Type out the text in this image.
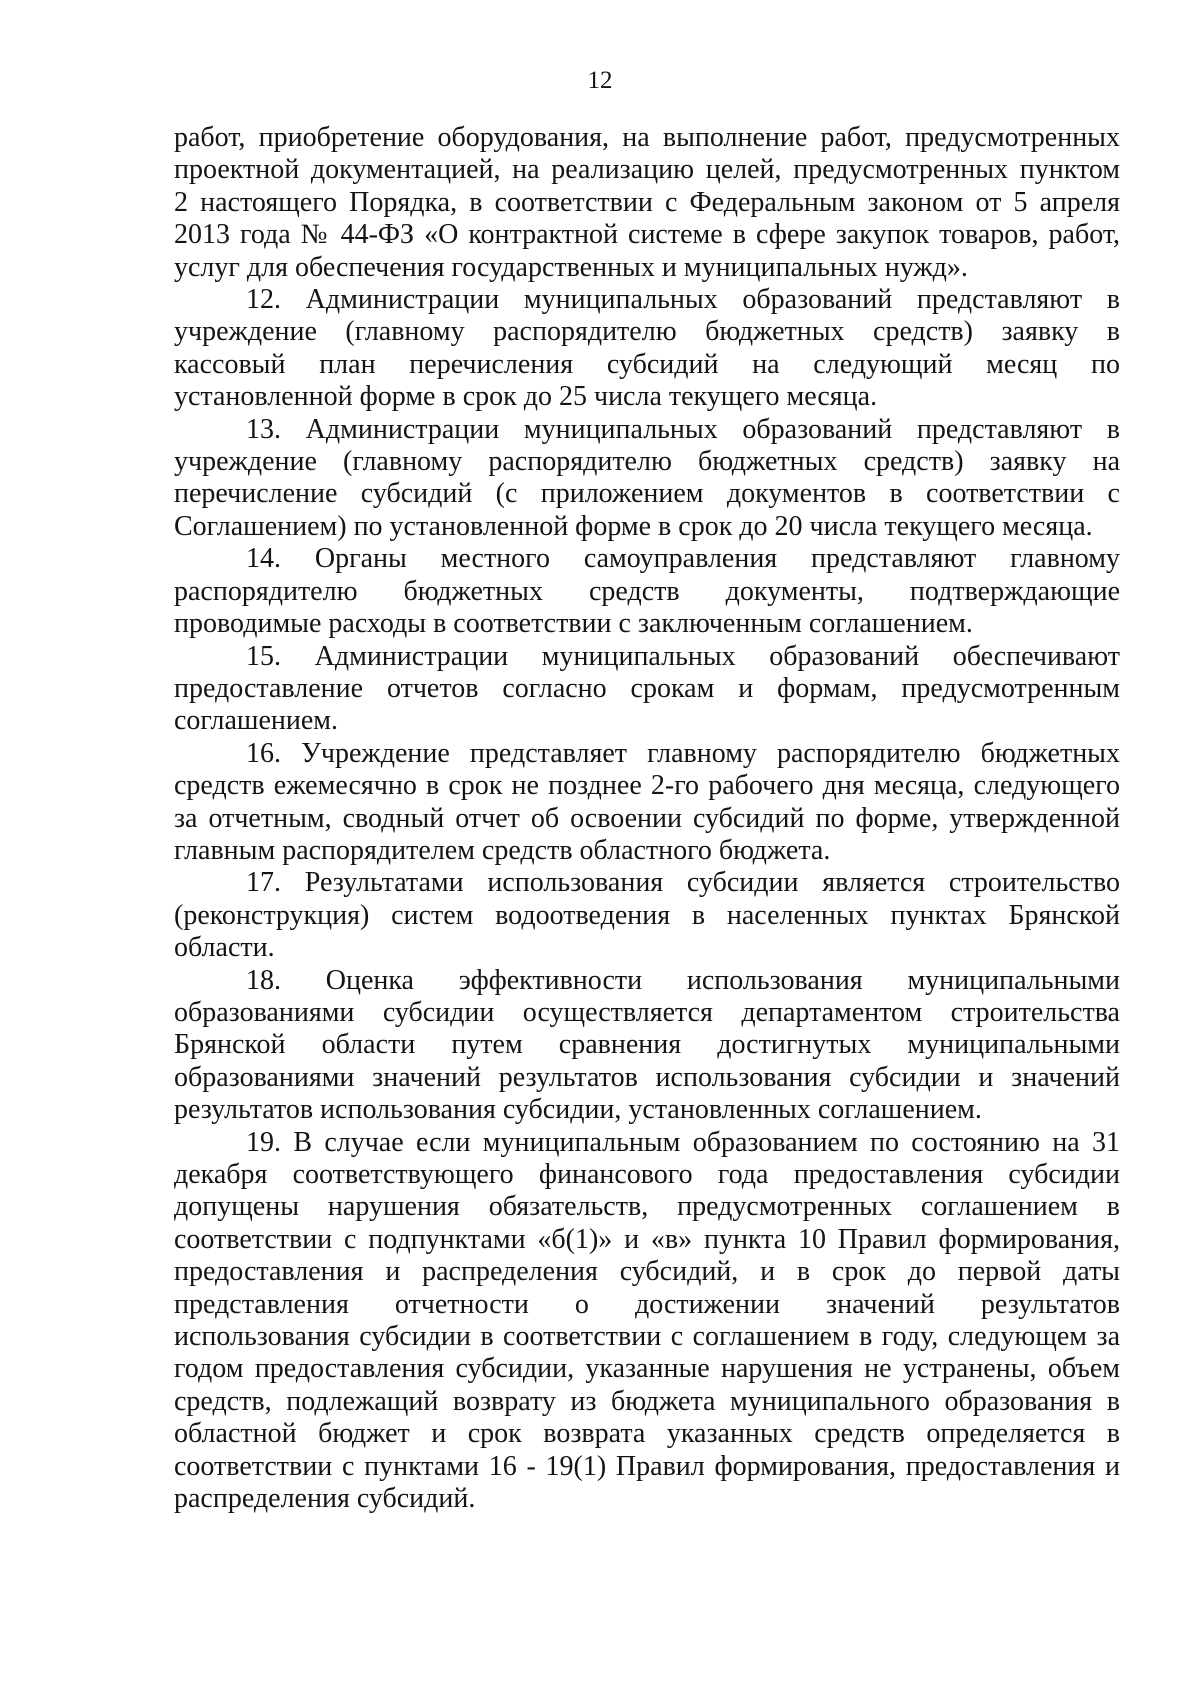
12
работ, приобретение оборудования, на выполнение работ, предусмотренных
проектной документацией, на реализацию целей, предусмотренных пунктом
2 настоящего Порядка, в соответствии с Федеральным законом от 5 апреля
2013 года № 44-ФЗ «О контрактной системе в сфере закупок товаров, работ,
услуг для обеспечения государственных и муниципальных нужд».
12. Администрации муниципальных образований представляют в
учреждение (главному распорядителю бюджетных средств) заявку в
кассовый план перечисления субсидий на следующий месяц по
установленной форме в срок до 25 числа текущего месяца.
13. Администрации муниципальных образований представляют в
учреждение (главному распорядителю бюджетных средств) заявку на
перечисление субсидий (с приложением документов в соответствии с
Соглашением) по установленной форме в срок до 20 числа текущего месяца.
14. Органы местного самоуправления представляют главному
распорядителю бюджетных средств документы, подтверждающие
проводимые расходы в соответствии с заключенным соглашением.
15. Администрации муниципальных образований обеспечивают
предоставление отчетов согласно срокам и формам, предусмотренным
соглашением.
16. Учреждение представляет главному распорядителю бюджетных
средств ежемесячно в срок не позднее 2-го рабочего дня месяца, следующего
за отчетным, сводный отчет об освоении субсидий по форме, утвержденной
главным распорядителем средств областного бюджета.
17. Результатами использования субсидии является строительство
(реконструкция) систем водоотведения в населенных пунктах Брянской
области.
18. Оценка эффективности использования муниципальными
образованиями субсидии осуществляется департаментом строительства
Брянской области путем сравнения достигнутых муниципальными
образованиями значений результатов использования субсидии и значений
результатов использования субсидии, установленных соглашением.
19. В случае если муниципальным образованием по состоянию на 31
декабря соответствующего финансового года предоставления субсидии
допущены нарушения обязательств, предусмотренных соглашением в
соответствии с подпунктами «б(1)» и «в» пункта 10 Правил формирования,
предоставления и распределения субсидий, и в срок до первой даты
представления отчетности о достижении значений результатов
использования субсидии в соответствии с соглашением в году, следующем за
годом предоставления субсидии, указанные нарушения не устранены, объем
средств, подлежащий возврату из бюджета муниципального образования в
областной бюджет и срок возврата указанных средств определяется в
соответствии с пунктами 16 - 19(1) Правил формирования, предоставления и
распределения субсидий.
